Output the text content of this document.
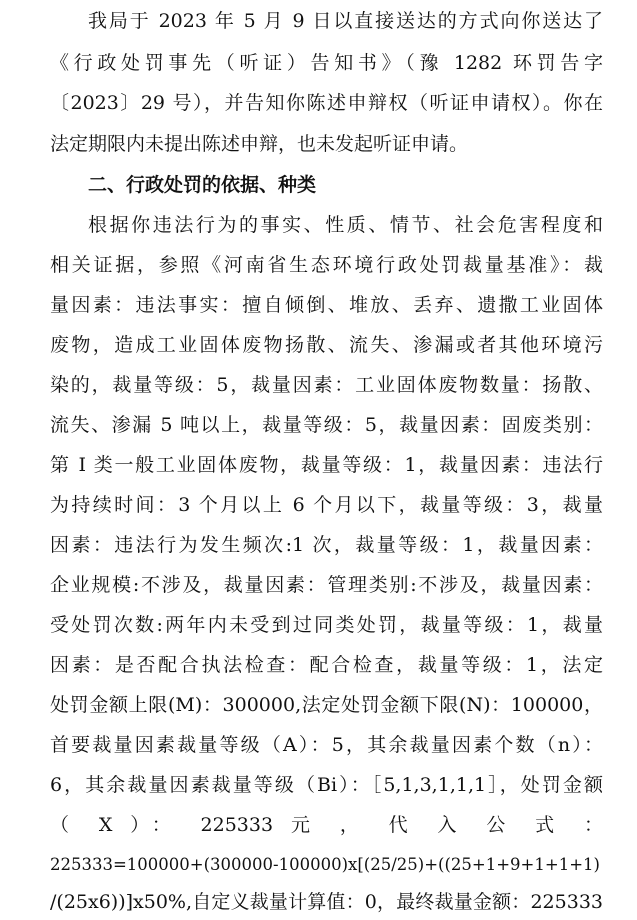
我局于 2023 年 5 月 9 日以直接送达的方式向你送达了
《行政处罚事先（听证）告知书》（豫 1282 环罚告字
〔2023〕29 号），并告知你陈述申辩权（听证申请权）。你在
法定期限内未提出陈述申辩，也未发起听证申请。
二、行政处罚的依据、种类
根据你违法行为的事实、性质、情节、社会危害程度和
相关证据，参照《河南省生态环境行政处罚裁量基准》：裁
量因素：违法事实：擅自倾倒、堆放、丢弃、遗撒工业固体
废物，造成工业固体废物扬散、流失、渗漏或者其他环境污
染的，裁量等级：5，裁量因素：工业固体废物数量：扬散、
流失、渗漏 5 吨以上，裁量等级：5，裁量因素：固废类别：
第 I 类一般工业固体废物，裁量等级：1，裁量因素：违法行
为持续时间：3 个月以上 6 个月以下，裁量等级：3，裁量
因素：违法行为发生频次:1 次，裁量等级：1，裁量因素：
企业规模:不涉及，裁量因素：管理类别:不涉及，裁量因素：
受处罚次数:两年内未受到过同类处罚，裁量等级：1，裁量
因素：是否配合执法检查：配合检查，裁量等级：1，法定
处罚金额上限(M)：300000,法定处罚金额下限(N)：100000，
首要裁量因素裁量等级（A）：5，其余裁量因素个数（n）：
6，其余裁量因素裁量等级（Bi）：［5,1,3,1,1,1］，处罚金额
（ X ）： 225333 元 ， 代 入 公 式 ：
225333=100000+(300000-100000)x[(25/25)+((25+1+9+1+1+1)
/(25x6))]x50%,自定义裁量计算值：0，最终裁量金额：225333
